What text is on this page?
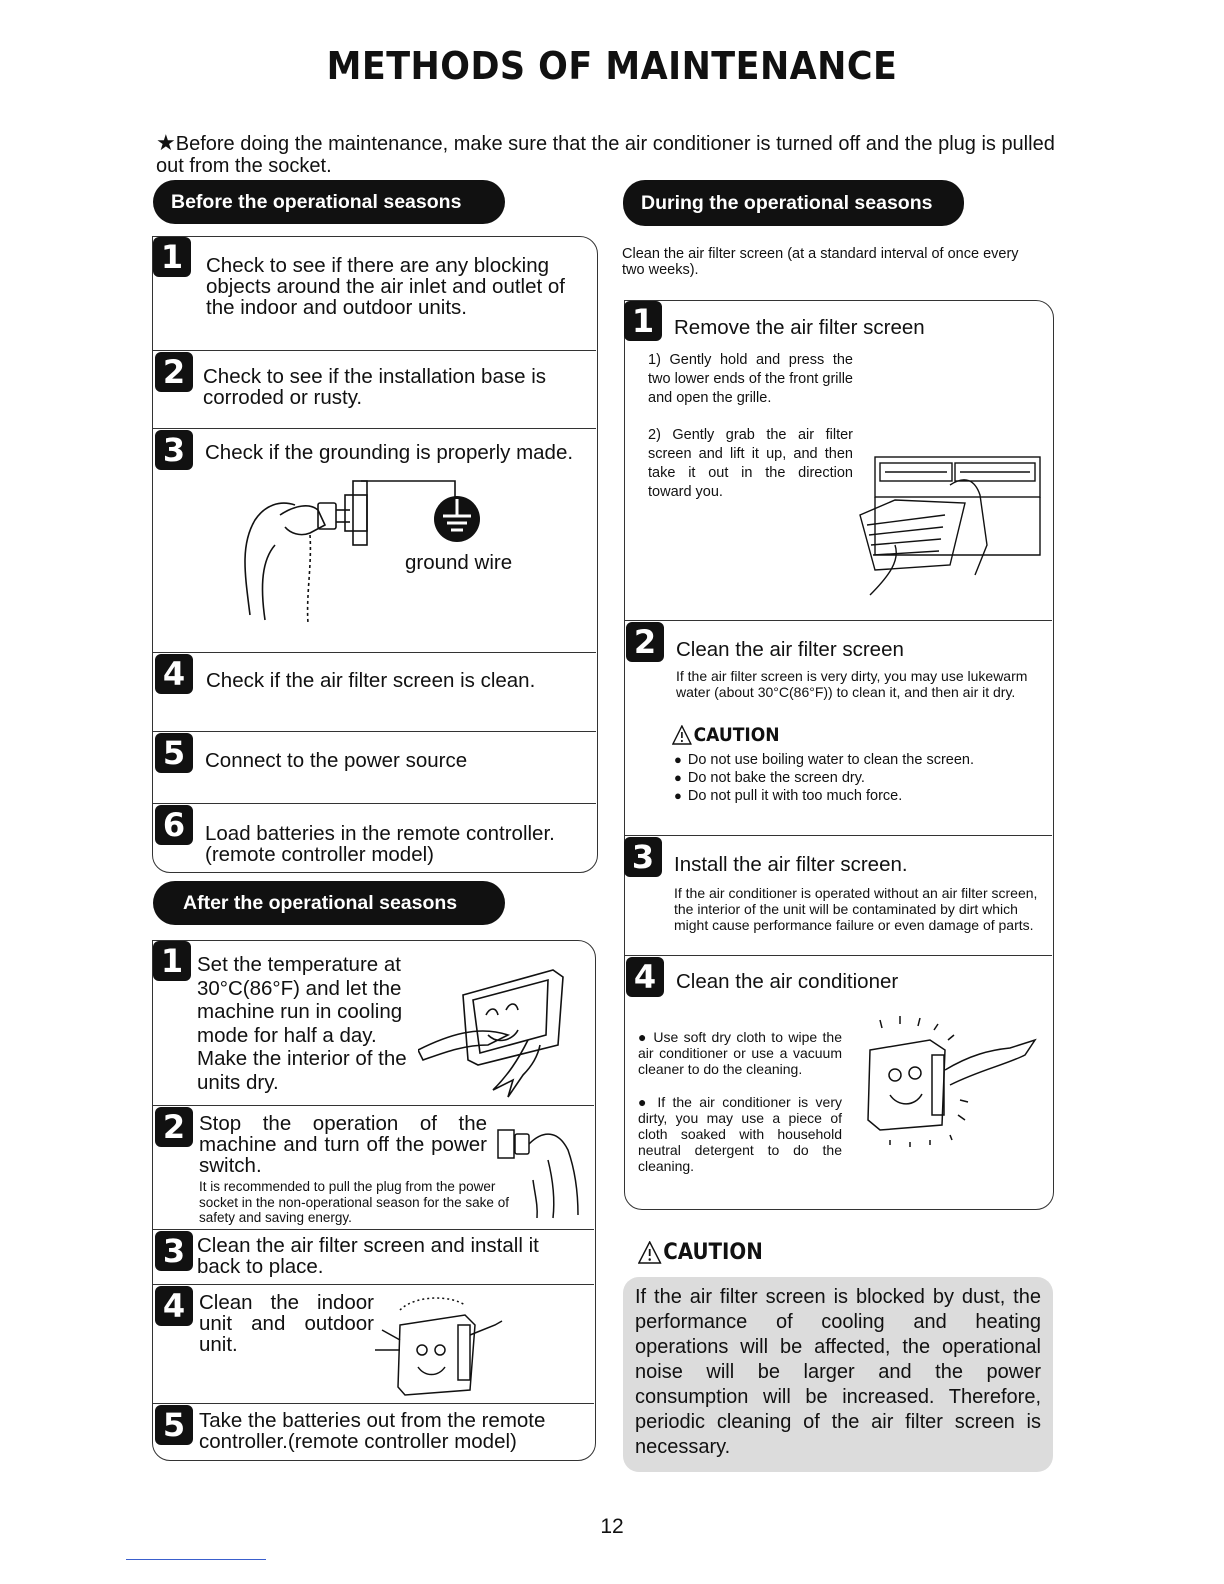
METHODS OF MAINTENANCE
★Before doing the maintenance, make sure that the air conditioner is turned off and the plug is pulled out from the socket.
Before the operational seasons
1	Check to see if there are any blocking objects around the air inlet and outlet of the indoor and outdoor units.
2 Check to see if the installation base is corroded or rusty.
3 Check if the grounding is properly made.
ground wire
4	Check if the air filter screen is clean.
5 Connect to the power source
6 Load batteries in the remote controller. (remote controller model)
After the operational seasons
1 Set the temperature at 30°C(86°F) and let the machine run in cooling mode for half a day. Make the interior of the units dry.
2 Stop the operation of the machine and turn off the power switch.
It is recommended to pull the plug from the power socket in the non-operational season for the sake of safety and saving energy.
3 Clean the air filter screen and install it back to place.
4 Clean the indoor unit and outdoor unit.
5 Take the batteries out from the remote controller.(remote controller model)
During the operational seasons
Clean the air filter screen (at a standard interval of once every two weeks).
1 Remove the air filter screen
1) Gently hold and press the two lower ends of the front grille and open the grille.
2) Gently grab the air filter screen and lift it up, and then take it out in the direction toward you.
2 Clean the air filter screen
If the air filter screen is very dirty, you may use lukewarm water (about 30°C(86°F)) to clean it, and then air it dry.
CAUTION
● Do not use boiling water to clean the screen.
● Do not bake the screen dry.
● Do not pull it with too much force.
3 Install the air filter screen.
If the air conditioner is operated without an air filter screen, the interior of the unit will be contaminated by dirt which might cause performance failure or even damage of parts.
4 Clean the air conditioner
● Use soft dry cloth to wipe the air conditioner or use a vacuum cleaner to do the cleaning.
● If the air conditioner is very dirty, you may use a piece of cloth soaked with household neutral detergent to do the cleaning.
CAUTION
If the air filter screen is blocked by dust, the performance of cooling and heating operations will be affected, the operational noise will be larger and the power consumption will be increased. Therefore, periodic cleaning of the air filter screen is necessary.
12
